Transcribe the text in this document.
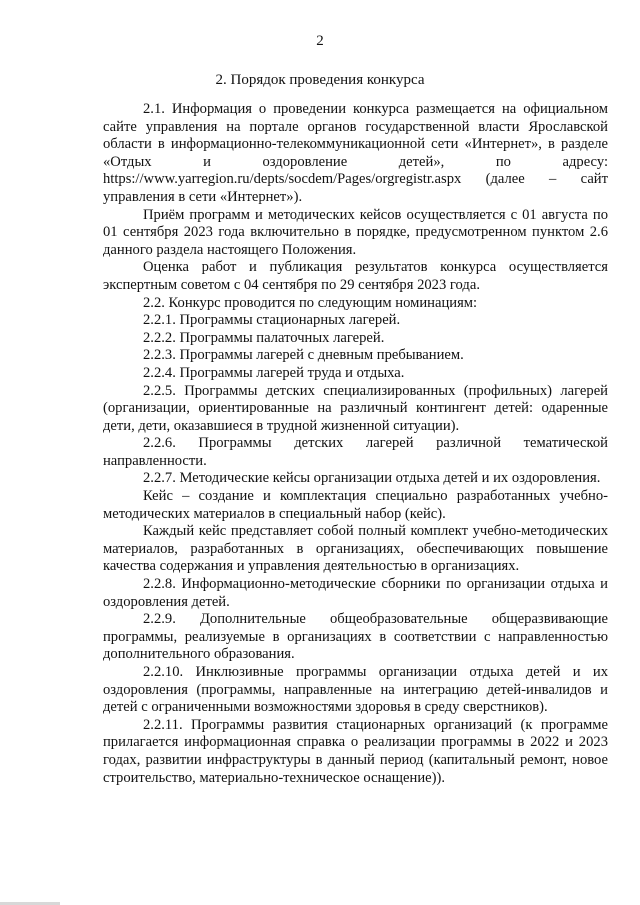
2
2. Порядок проведения конкурса

2.1. Информация о проведении конкурса размещается на официальном сайте управления на портале органов государственной власти Ярославской области в информационно-телекоммуникационной сети «Интернет», в разделе «Отдых и оздоровление детей», по адресу: https://www.yarregion.ru/depts/socdem/Pages/orgregistr.aspx (далее – сайт управления в сети «Интернет»).

Приём программ и методических кейсов осуществляется с 01 августа по 01 сентября 2023 года включительно в порядке, предусмотренном пунктом 2.6 данного раздела настоящего Положения.

Оценка работ и публикация результатов конкурса осуществляется экспертным советом с 04 сентября по 29 сентября 2023 года.

2.2. Конкурс проводится по следующим номинациям:

2.2.1. Программы стационарных лагерей.

2.2.2. Программы палаточных лагерей.

2.2.3. Программы лагерей с дневным пребыванием.

2.2.4. Программы лагерей труда и отдыха.

2.2.5. Программы детских специализированных (профильных) лагерей (организации, ориентированные на различный контингент детей: одаренные дети, дети, оказавшиеся в трудной жизненной ситуации).

2.2.6. Программы детских лагерей различной тематической направленности.

2.2.7. Методические кейсы организации отдыха детей и их оздоровления.

Кейс – создание и комплектация специально разработанных учебно-методических материалов в специальный набор (кейс).

Каждый кейс представляет собой полный комплект учебно-методических материалов, разработанных в организациях, обеспечивающих повышение качества содержания и управления деятельностью в организациях.

2.2.8. Информационно-методические сборники по организации отдыха и оздоровления детей.

2.2.9. Дополнительные общеобразовательные общеразвивающие программы, реализуемые в организациях в соответствии с направленностью дополнительного образования.

2.2.10. Инклюзивные программы организации отдыха детей и их оздоровления (программы, направленные на интеграцию детей-инвалидов и детей с ограниченными возможностями здоровья в среду сверстников).

2.2.11. Программы развития стационарных организаций (к программе прилагается информационная справка о реализации программы в 2022 и 2023 годах, развитии инфраструктуры в данный период (капитальный ремонт, новое строительство, материально-техническое оснащение)).
